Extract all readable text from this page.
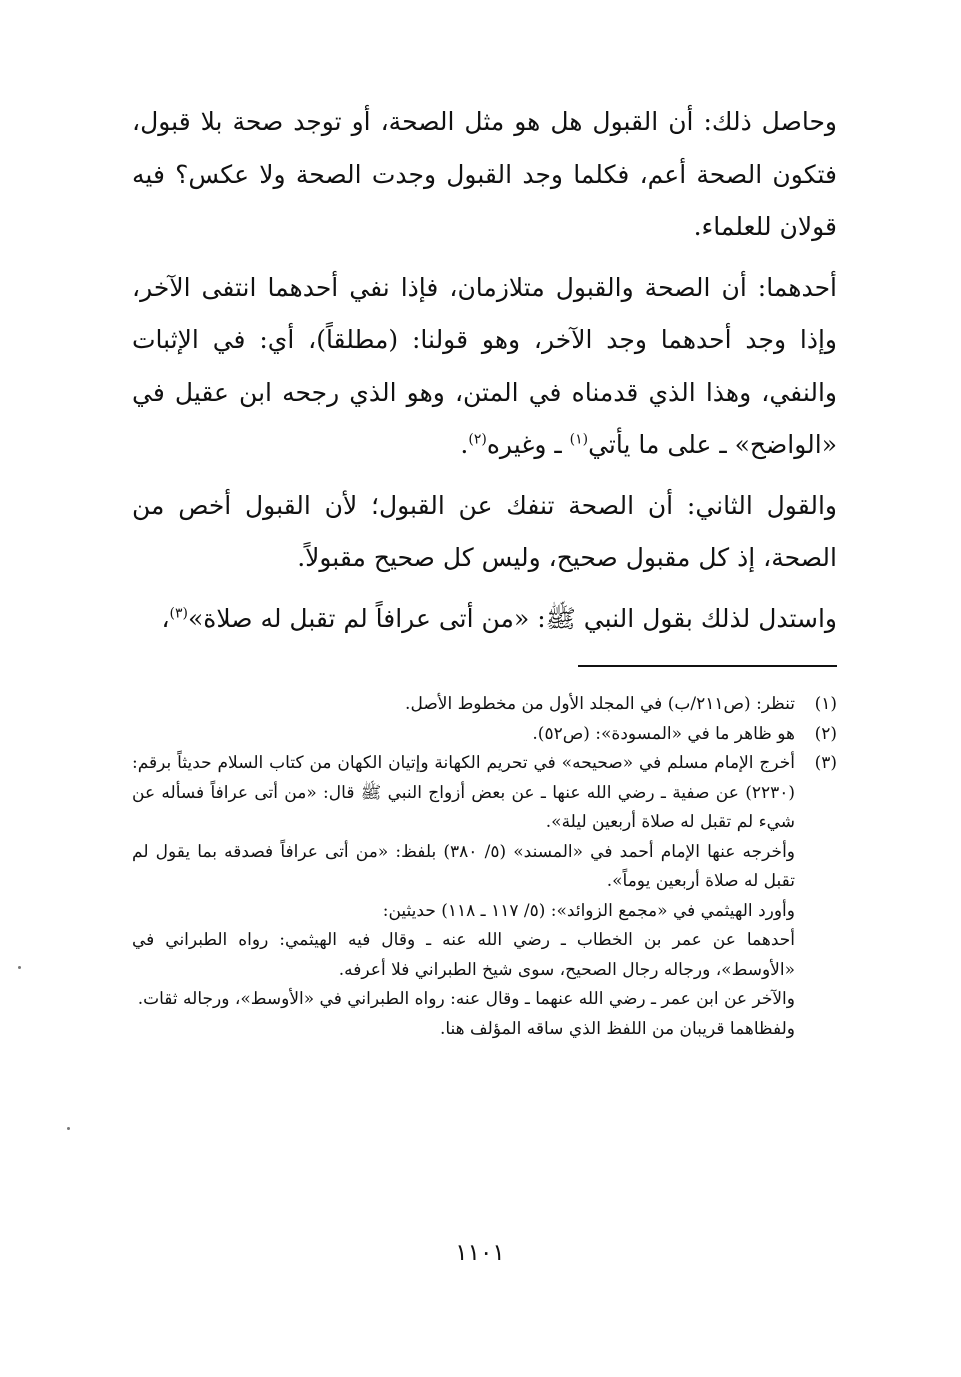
وحاصل ذلك: أن القبول هل هو مثل الصحة، أو توجد صحة بلا قبول، فتكون الصحة أعم، فكلما وجد القبول وجدت الصحة ولا عكس؟ فيه قولان للعلماء.

أحدهما: أن الصحة والقبول متلازمان، فإذا نفي أحدهما انتفى الآخر، وإذا وجد أحدهما وجد الآخر، وهو قولنا: (مطلقاً)، أي: في الإثبات والنفي، وهذا الذي قدمناه في المتن، وهو الذي رجحه ابن عقيل في «الواضح» ـ على ما يأتي$^{(١)}$ ـ وغيره$^{(٢)}$.

والقول الثاني: أن الصحة تنفك عن القبول؛ لأن القبول أخص من الصحة، إذ كل مقبول صحيح، وليس كل صحيح مقبولاً.

واستدل لذلك بقول النبي ﷺ: «من أتى عرافاً لم تقبل له صلاة»$^{(٣)}$،

(١)

تنظر: (ص٢١١/ب) في المجلد الأول من مخطوط الأصل.

(٢)

هو ظاهر ما في «المسودة»: (ص٥٢).

(٣)

أخرج الإمام مسلم في «صحيحه» في تحريم الكهانة وإتيان الكهان من كتاب السلام حديثاً برقم: (٢٢٣٠) عن صفية ـ رضي الله عنها ـ عن بعض أزواج النبي ﷺ قال: «من أتى عرافاً فسأله عن شيء لم تقبل له صلاة أربعين ليلة».

وأخرجه عنها الإمام أحمد في «المسند» (٥/ ٣٨٠) بلفظ: «من أتى عرافاً فصدقه بما يقول لم تقبل له صلاة أربعين يوماً».

وأورد الهيثمي في «مجمع الزوائد»: (٥/ ١١٧ ـ ١١٨) حديثين:

أحدهما عن عمر بن الخطاب ـ رضي الله عنه ـ وقال فيه الهيثمي: رواه الطبراني في «الأوسط»، ورجاله رجال الصحيح، سوى شيخ الطبراني فلا أعرفه.

والآخر عن ابن عمر ـ رضي الله عنهما ـ وقال عنه: رواه الطبراني في «الأوسط»، ورجاله ثقات.

ولفظاهما قريبان من اللفظ الذي ساقه المؤلف هنا.

١١٠١
